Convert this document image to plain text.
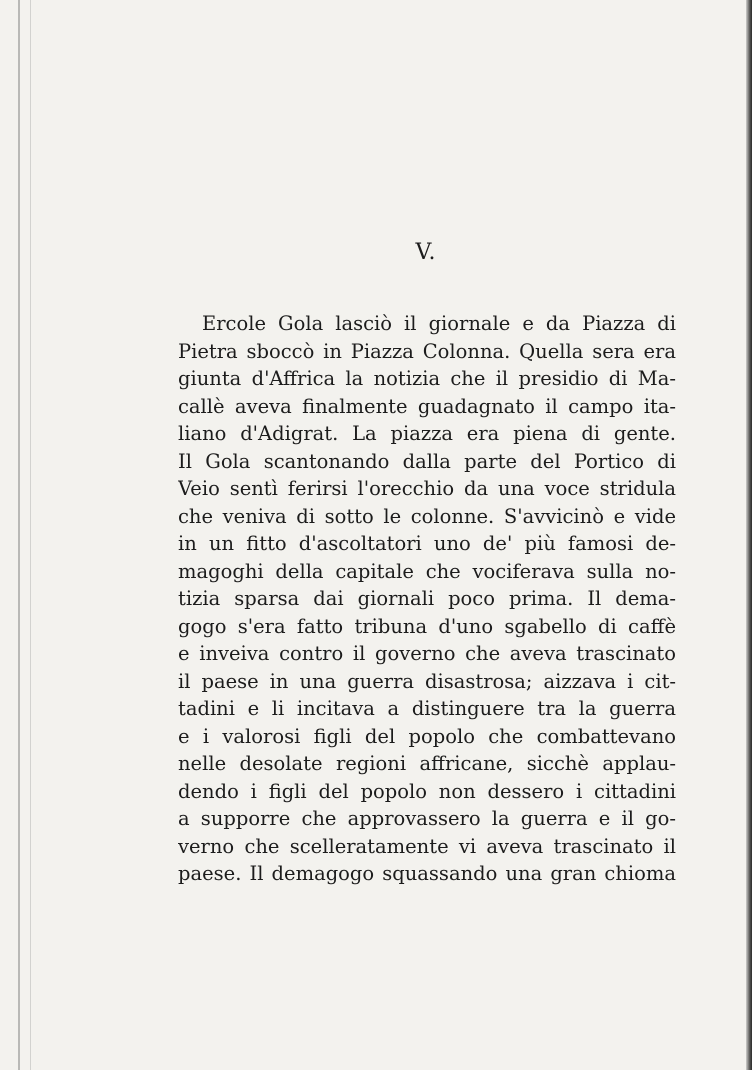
V.
Ercole Gola lasciò il giornale e da Piazza di
Pietra sboccò in Piazza Colonna. Quella sera era
giunta d'Affrica la notizia che il presidio di Ma-
callè aveva finalmente guadagnato il campo ita-
liano d'Adigrat. La piazza era piena di gente.
Il Gola scantonando dalla parte del Portico di
Veio sentì ferirsi l'orecchio da una voce stridula
che veniva di sotto le colonne. S'avvicinò e vide
in un fitto d'ascoltatori uno de' più famosi de-
magoghi della capitale che vociferava sulla no-
tizia sparsa dai giornali poco prima. Il dema-
gogo s'era fatto tribuna d'uno sgabello di caffè
e inveiva contro il governo che aveva trascinato
il paese in una guerra disastrosa; aizzava i cit-
tadini e li incitava a distinguere tra la guerra
e i valorosi figli del popolo che combattevano
nelle desolate regioni affricane, sicchè applau-
dendo i figli del popolo non dessero i cittadini
a supporre che approvassero la guerra e il go-
verno che scelleratamente vi aveva trascinato il
paese. Il demagogo squassando una gran chioma
